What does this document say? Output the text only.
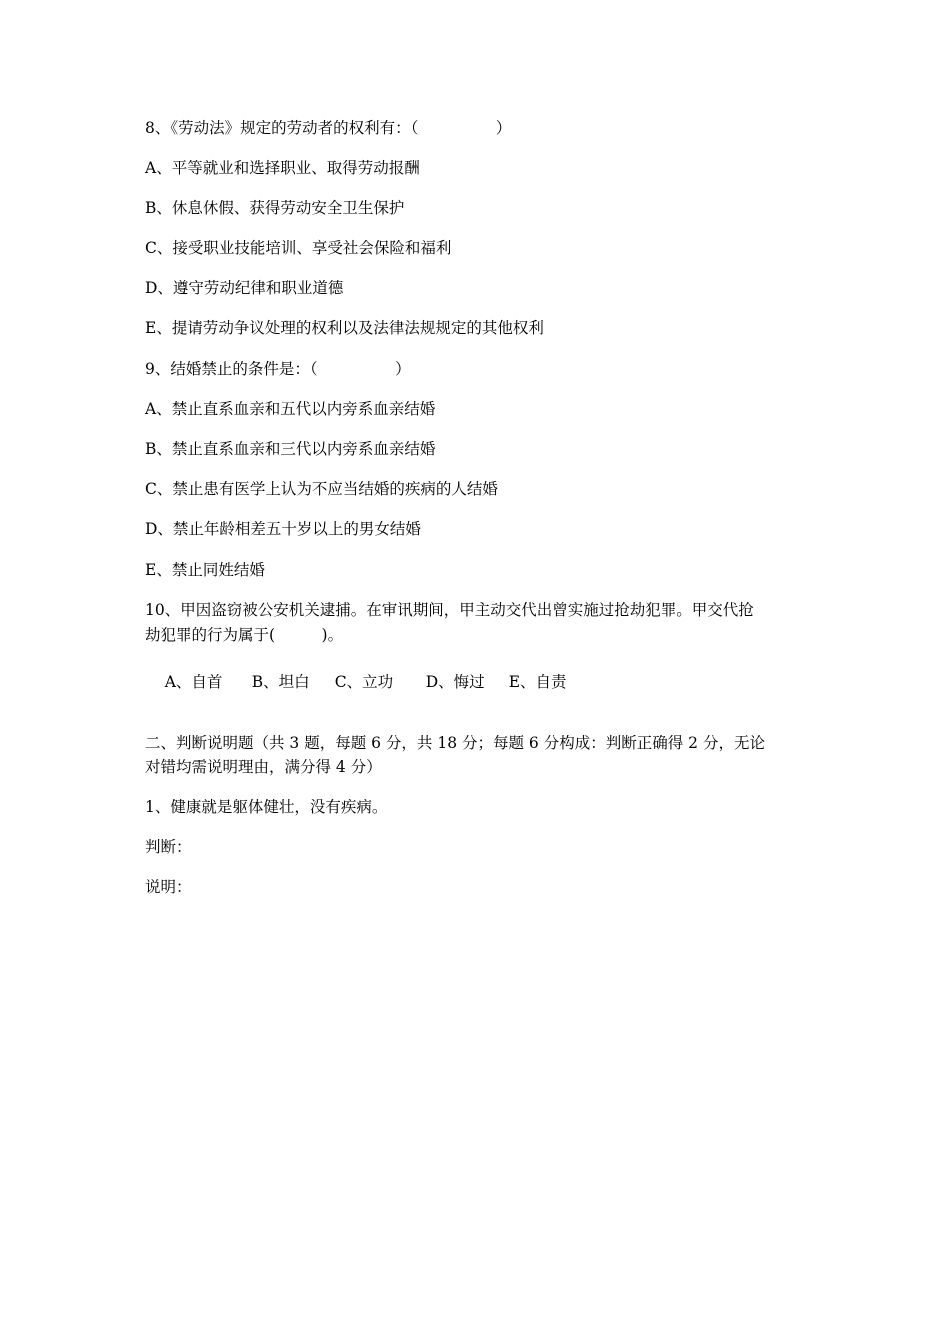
8、《劳动法》规定的劳动者的权利有：（　　　　　）
A、平等就业和选择职业、取得劳动报酬
B、休息休假、获得劳动安全卫生保护
C、接受职业技能培训、享受社会保险和福利
D、遵守劳动纪律和职业道德
E、提请劳动争议处理的权利以及法律法规规定的其他权利
9、结婚禁止的条件是：（　　　　　）
A、禁止直系血亲和五代以内旁系血亲结婚
B、禁止直系血亲和三代以内旁系血亲结婚
C、禁止患有医学上认为不应当结婚的疾病的人结婚
D、禁止年龄相差五十岁以上的男女结婚
E、禁止同姓结婚
10、甲因盗窃被公安机关逮捕。在审讯期间，甲主动交代出曾实施过抢劫犯罪。甲交代抢
劫犯罪的行为属于(　　　)。

A、自首 B、坦白 C、立功 D、悔过 E、自责

二、判断说明题（共 3 题，每题 6 分，共 18 分；每题 6 分构成：判断正确得 2 分，无论
对错均需说明理由，满分得 4 分）
1、健康就是躯体健壮，没有疾病。
判断：
说明：
